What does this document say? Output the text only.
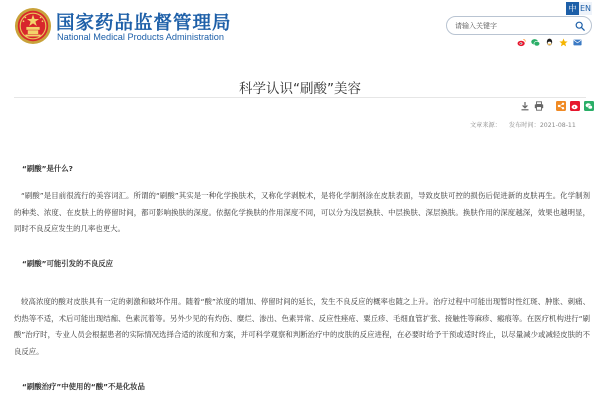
国家药品监督管理局
National Medical Products Administration
中 EN
请输入关键字
科学认识“刷酸”美容
文章来源： 发布时间：2021-08-11
“刷酸”是什么?
“刷酸”是目前很流行的美容词汇。所谓的“刷酸”其实是一种化学换肤术，又称化学剥脱术，是将化学制剂涂在皮肤表面，导致皮肤可控的损伤后促进新的皮肤再生。化学制剂的种类、浓度、在皮肤上的停留时间，都可影响换肤的深度。依据化学换肤的作用深度不同，可以分为浅层换肤、中层换肤、深层换肤。换肤作用的深度越深，效果也越明显，同时不良反应发生的几率也更大。
“刷酸”可能引发的不良反应
较高浓度的酸对皮肤具有一定的刺激和破坏作用。随着“酸”浓度的增加、停留时间的延长，发生不良反应的概率也随之上升。治疗过程中可能出现暂时性红斑、肿胀、刺痛、灼热等不适，术后可能出现结痂、色素沉着等。另外少见的有灼伤、糜烂、渗出、色素异常、反应性痤疮、粟丘疹、毛细血管扩张、接触性等麻疹、瘢痕等。在医疗机构进行“刷酸”治疗时，专业人员会根据患者的实际情况选择合适的浓度和方案，并可科学观察和判断治疗中的皮肤的反应进程，在必要时给予干预或适时终止，以尽量减少或减轻皮肤的不良反应。
“刷酸治疗”中使用的“酸”不是化妆品
